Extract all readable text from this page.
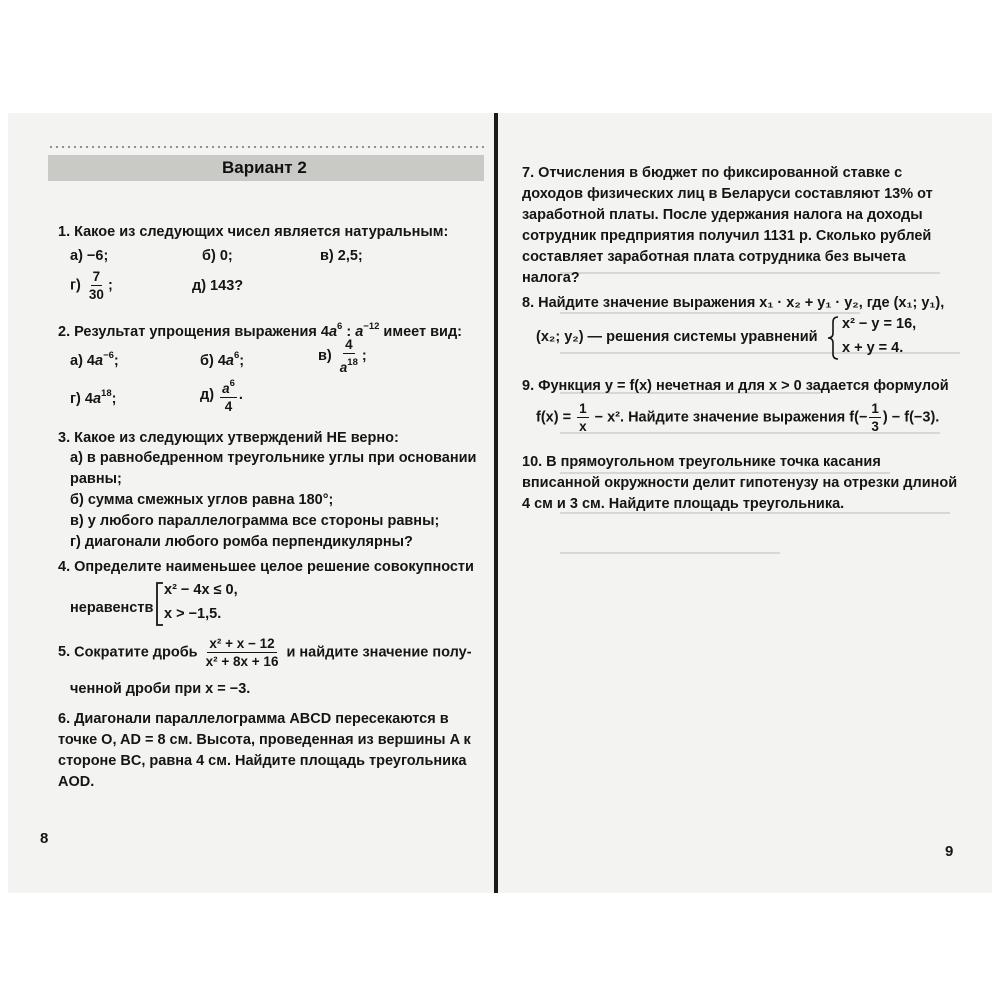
Вариант 2
1. Какое из следующих чисел является натуральным:
а) −6;	б) 0;	в) 2,5;
$г) \frac{7}{30}$ ;	д) 143?
2. Результат упрощения выражения $4a^6$ : $a^{-12}$ имеет вид:
а) $4a^{-6}$;	б) $4a^6$;	$в) \frac{4}{a^{18}}$ ;
г) $4a^{18}$;	$д) \frac{a^6}{4}$ .
3. Какое из следующих утверждений НЕ верно:
а) в равнобедренном треугольнике углы при основании равны;
б) сумма смежных углов равна 180°;
в) у любого параллелограмма все стороны равны;
г) диагонали любого ромба перпендикулярны?
4. Определите наименьшее целое решение совокупности
неравенств
x² − 4x ≤ 0,
x > −1,5.
5. Сократите дробь $\frac{\text{x² + x − 12}}{\text{x² + 8x + 16}}$ и найдите значение полу-
ченной дроби при x = −3.
6. Диагонали параллелограмма ABCD пересекаются в точке O, AD = 8 см. Высота, проведенная из вершины A к стороне BC, равна 4 см. Найдите площадь треугольника AOD.
8
7. Отчисления в бюджет по фиксированной ставке с доходов физических лиц в Беларуси составляют 13% от заработной платы. После удержания налога на доходы сотрудник предприятия получил 1131 р. Сколько рублей составляет заработная плата сотрудника без вычета налога?
8. Найдите значение выражения x₁ · x₂ + y₁ · y₂, где (x₁; y₁),
(x₂; y₂) — решения системы уравнений
x² − y = 16,
x + y = 4.
9. Функция y = f(x) нечетная и для x > 0 задается формулой
$f(x) = \frac{1}{x} - x^2$. Найдите значение выражения $f(- \frac{1}{3}$ ) − f(−3).
10. В прямоугольном треугольнике точка касания вписанной окружности делит гипотенузу на отрезки длиной 4 см и 3 см. Найдите площадь треугольника.
9
